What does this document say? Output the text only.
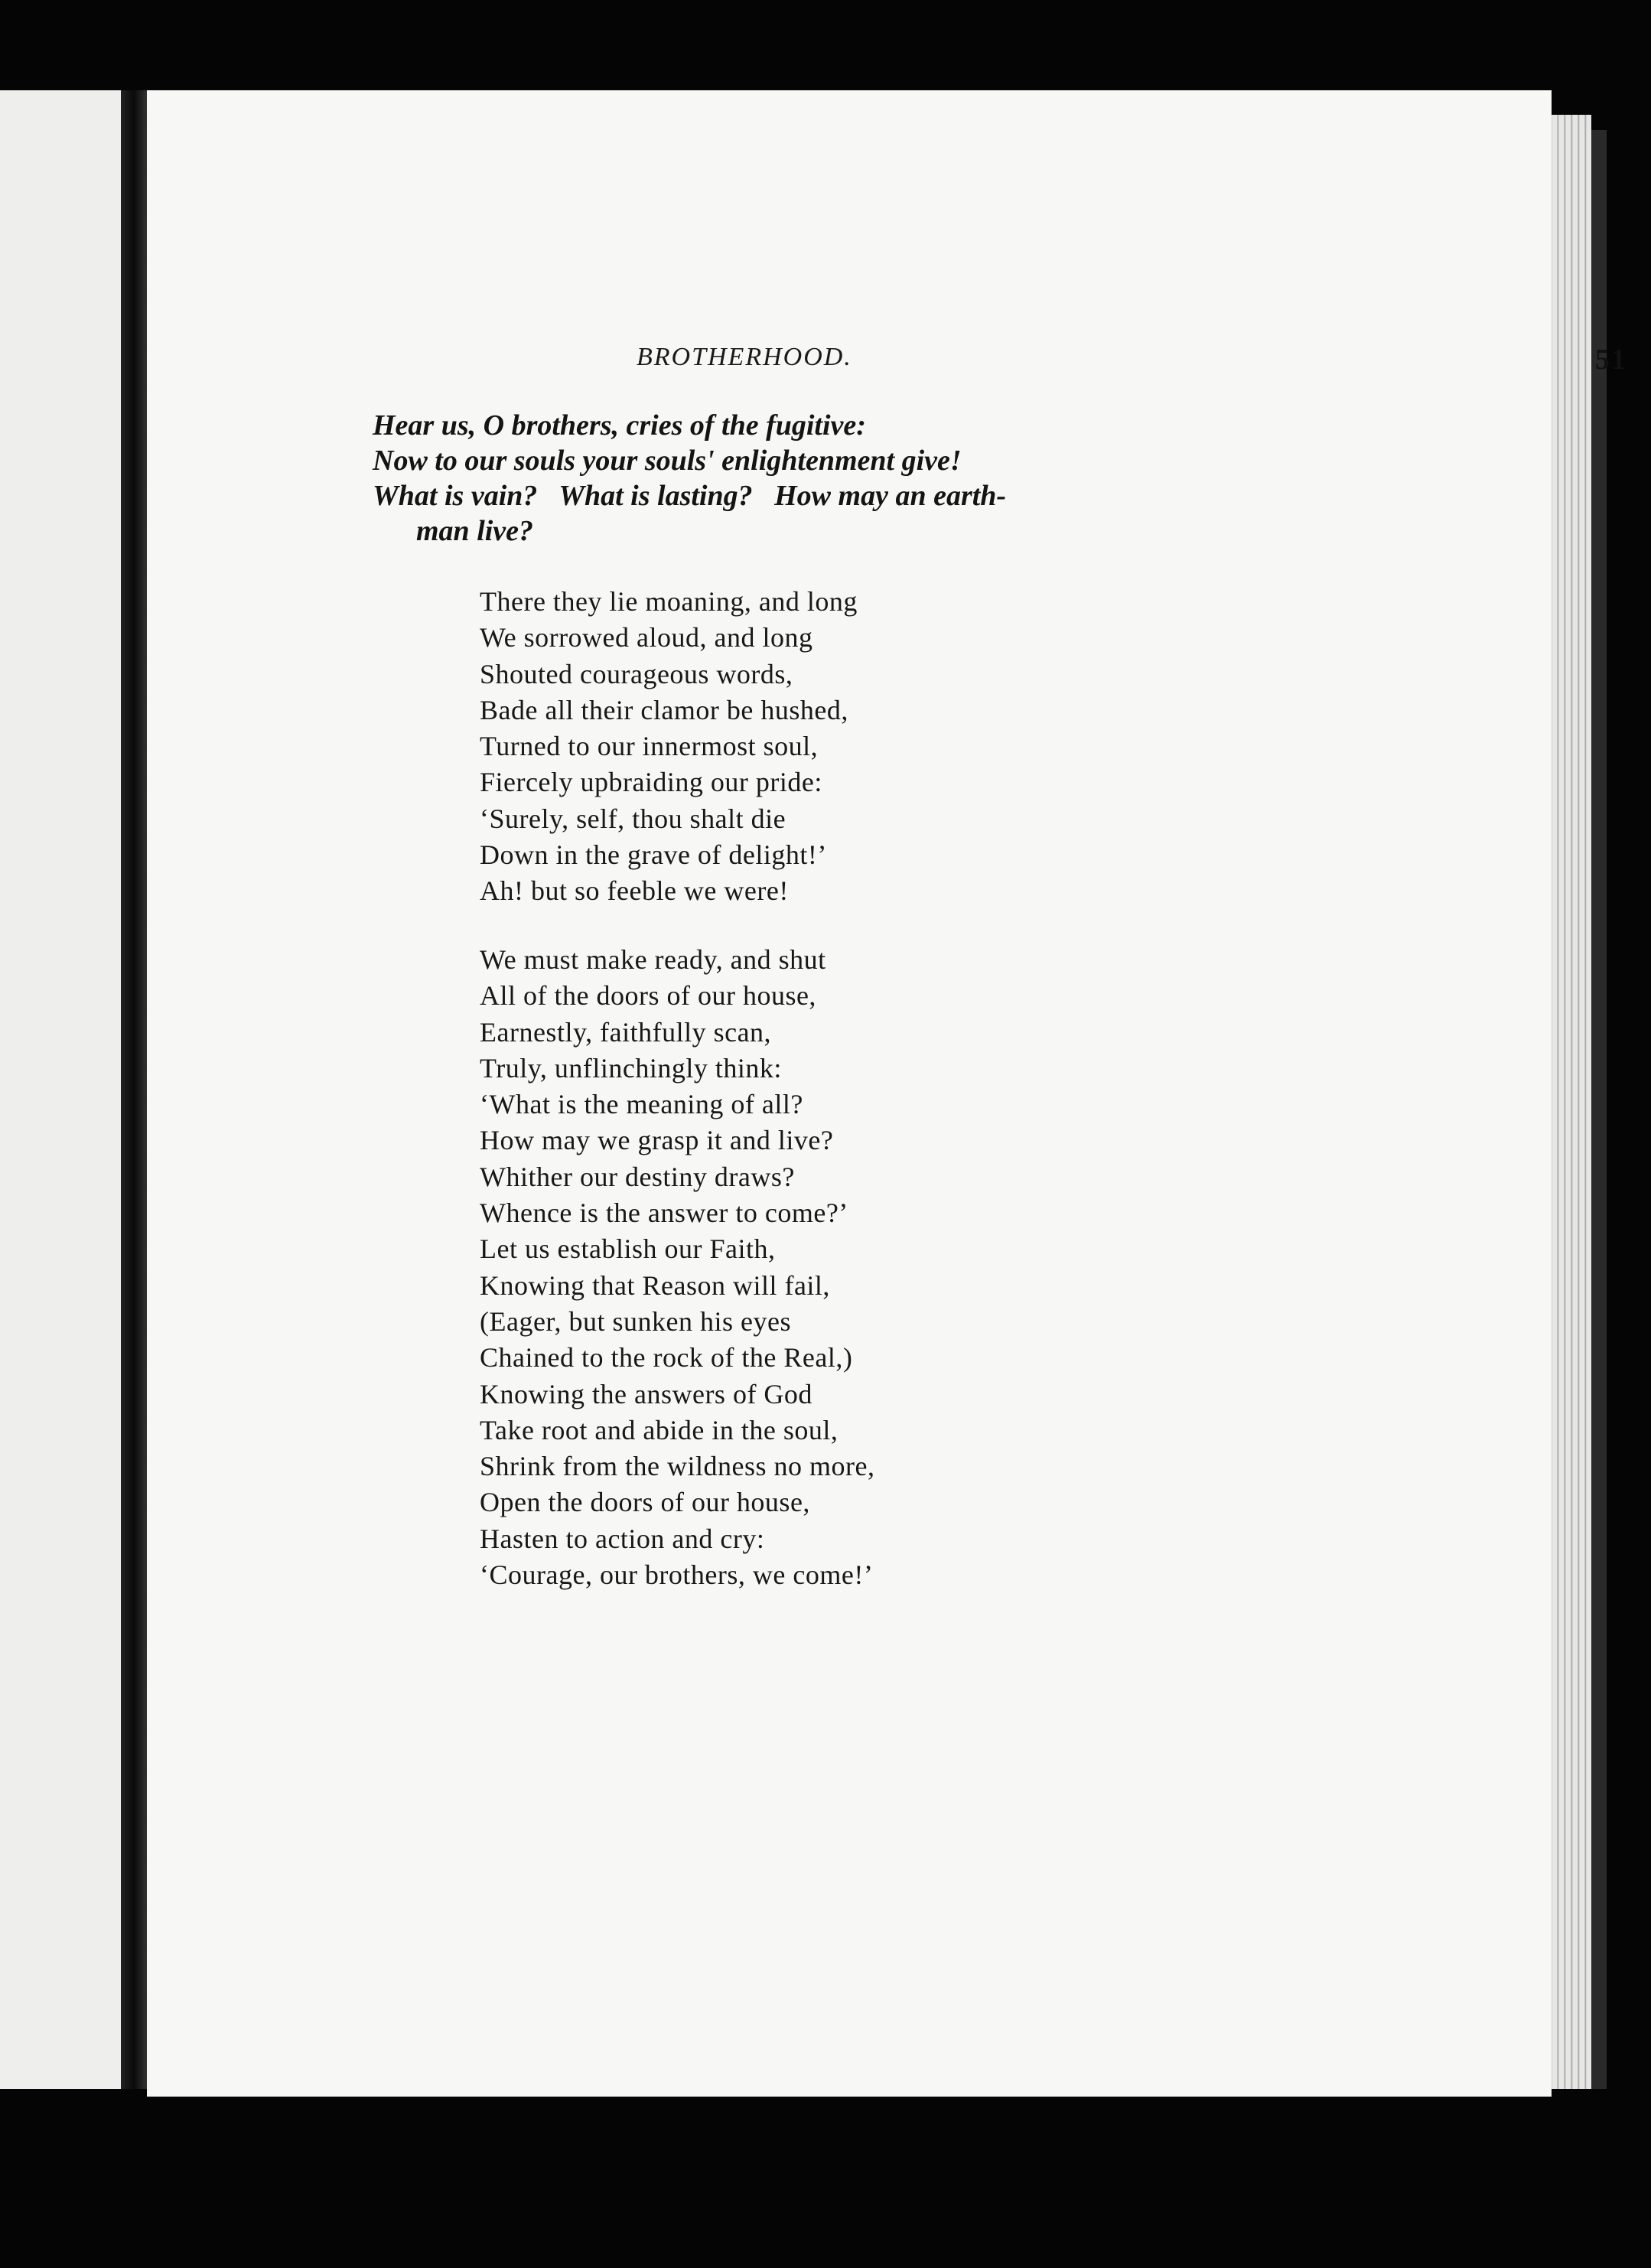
BROTHERHOOD.	51
Hear us, O brothers, cries of the fugitive:
Now to our souls your souls' enlightenment give!
What is vain?   What is lasting?   How may an earth-
man live?
There they lie moaning, and long
We sorrowed aloud, and long
Shouted courageous words,
Bade all their clamor be hushed,
Turned to our innermost soul,
Fiercely upbraiding our pride:
‘Surely, self, thou shalt die
Down in the grave of delight!’
Ah! but so feeble we were!
We must make ready, and shut
All of the doors of our house,
Earnestly, faithfully scan,
Truly, unflinchingly think:
‘What is the meaning of all?
How may we grasp it and live?
Whither our destiny draws?
Whence is the answer to come?’
Let us establish our Faith,
Knowing that Reason will fail,
(Eager, but sunken his eyes
Chained to the rock of the Real,)
Knowing the answers of God
Take root and abide in the soul,
Shrink from the wildness no more,
Open the doors of our house,
Hasten to action and cry:
‘Courage, our brothers, we come!’
